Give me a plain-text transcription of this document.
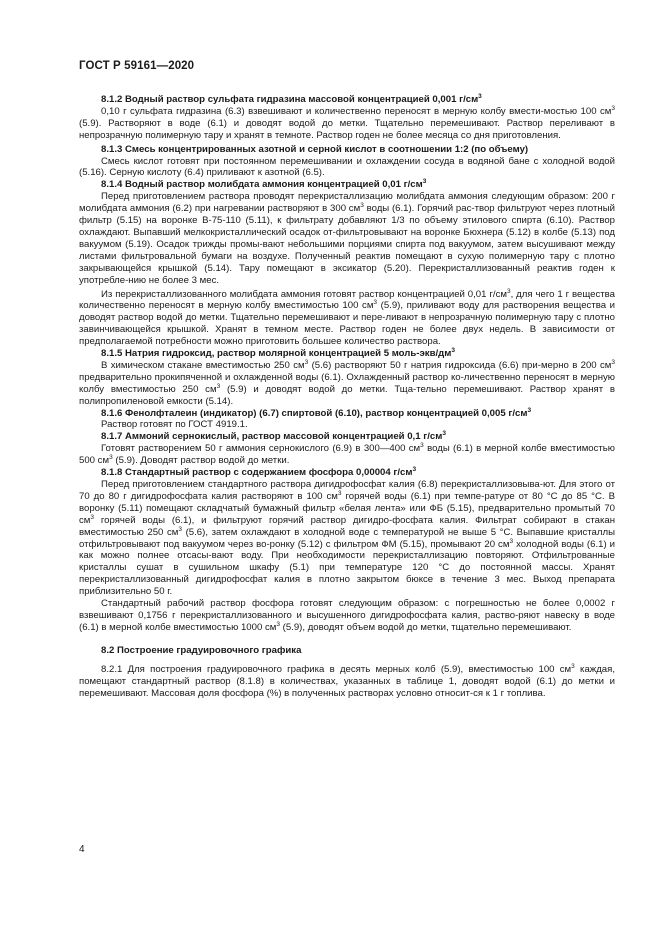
ГОСТ Р 59161—2020

8.1.2 Водный раствор сульфата гидразина массовой концентрацией 0,001 $г/см^3$

0,10 г сульфата гидразина (6.3) взвешивают и количественно переносят в мерную колбу вмести-мостью 100 $см^3$ (5.9). Растворяют в воде (6.1) и доводят водой до метки. Тщательно перемешивают. Раствор переливают в непрозрачную полимерную тару и хранят в темноте. Раствор годен не более месяца со дня приготовления.

8.1.3 Смесь концентрированных азотной и серной кислот в соотношении 1:2 (по объему)

Смесь кислот готовят при постоянном перемешивании и охлаждении сосуда в водяной бане с холодной водой (5.16). Серную кислоту (6.4) приливают к азотной (6.5).

8.1.4 Водный раствор молибдата аммония концентрацией 0,01 $г/см^3$

Перед приготовлением раствора проводят перекристаллизацию молибдата аммония следующим образом: 200 г молибдата аммония (6.2) при нагревании растворяют в 300 $см^3$ воды (6.1). Горячий рас-твор фильтруют через плотный фильтр (5.15) на воронке В-75-110 (5.11), к фильтрату добавляют 1/3 по объему этилового спирта (6.10). Раствор охлаждают. Выпавший мелкокристаллический осадок от-фильтровывают на воронке Бюхнера (5.12) в колбе (5.13) под вакуумом (5.19). Осадок трижды промы-вают небольшими порциями спирта под вакуумом, затем высушивают между листами фильтровальной бумаги на воздухе. Полученный реактив помещают в сухую полимерную тару с плотно закрывающейся крышкой (5.14). Тару помещают в эксикатор (5.20). Перекристаллизованный реактив годен к употребле-нию не более 3 мес.

Из перекристаллизованного молибдата аммония готовят раствор концентрацией 0,01 $г/см^3$, для чего 1 г вещества количественно переносят в мерную колбу вместимостью 100 $см^3$ (5.9), приливают воду для растворения вещества и доводят раствор водой до метки. Тщательно перемешивают и пере-ливают в непрозрачную полимерную тару с плотно завинчивающейся крышкой. Хранят в темном месте. Раствор годен не более двух недель. В зависимости от предполагаемой потребности можно приготовить большее количество раствора.

8.1.5 Натрия гидроксид, раствор молярной концентрацией 5 моль-$экв/дм^3$

В химическом стакане вместимостью 250 $см^3$ (5.6) растворяют 50 г натрия гидроксида (6.6) при-мерно в 200 $см^3$ предварительно прокипяченной и охлажденной воды (6.1). Охлажденный раствор ко-личественно переносят в мерную колбу вместимостью 250 $см^3$ (5.9) и доводят водой до метки. Тща-тельно перемешивают. Раствор хранят в полипропиленовой емкости (5.14).

8.1.6 Фенолфталеин (индикатор) (6.7) спиртовой (6.10), раствор концентрацией 0,005 $г/см^3$

Раствор готовят по ГОСТ 4919.1.

8.1.7 Аммоний сернокислый, раствор массовой концентрацией 0,1 $г/см^3$

Готовят растворением 50 г аммония сернокислого (6.9) в 300—400 $см^3$ воды (6.1) в мерной колбе вместимостью 500 $см^3$ (5.9). Доводят раствор водой до метки.

8.1.8 Стандартный раствор с содержанием фосфора 0,00004 $г/см^3$

Перед приготовлением стандартного раствора дигидрофосфат калия (6.8) перекристаллизовыва-ют. Для этого от 70 до 80 г дигидрофосфата калия растворяют в 100 $см^3$ горячей воды (6.1) при темпе-ратуре от 80 °С до 85 °С. В воронку (5.11) помещают складчатый бумажный фильтр «белая лента» или ФБ (5.15), предварительно промытый 70 $см^3$ горячей воды (6.1), и фильтруют горячий раствор дигидро-фосфата калия. Фильтрат собирают в стакан вместимостью 250 $см^3$ (5.6), затем охлаждают в холодной воде с температурой не выше 5 °С. Выпавшие кристаллы отфильтровывают под вакуумом через во-ронку (5.12) с фильтром ФМ (5.15), промывают 20 $см^3$ холодной воды (6.1) и как можно полнее отсасы-вают воду. При необходимости перекристаллизацию повторяют. Отфильтрованные кристаллы сушат в сушильном шкафу (5.1) при температуре 120 °С до постоянной массы. Хранят перекристаллизованный дигидрофосфат калия в плотно закрытом бюксе в течение 3 мес. Выход препарата приблизительно 50 г.

Стандартный рабочий раствор фосфора готовят следующим образом: с погрешностью не более 0,0002 г взвешивают 0,1756 г перекристаллизованного и высушенного дигидрофосфата калия, раство-ряют навеску в воде (6.1) в мерной колбе вместимостью 1000 $см^3$ (5.9), доводят объем водой до метки, тщательно перемешивают.

8.2 Построение градуировочного графика

8.2.1 Для построения градуировочного графика в десять мерных колб (5.9), вместимостью 100 $см^3$ каждая, помещают стандартный раствор (8.1.8) в количествах, указанных в таблице 1, доводят водой (6.1) до метки и перемешивают. Массовая доля фосфора (%) в полученных растворах условно относит-ся к 1 г топлива.

4
